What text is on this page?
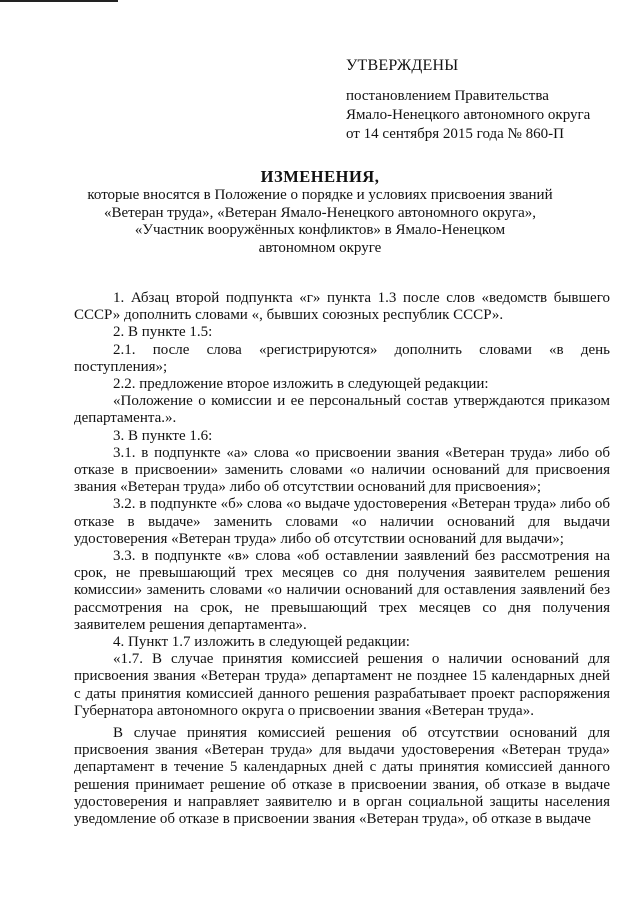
УТВЕРЖДЕНЫ
постановлением Правительства
Ямало-Ненецкого автономного округа
от 14 сентября 2015 года № 860-П
ИЗМЕНЕНИЯ,
которые вносятся в Положение о порядке и условиях присвоения званий
«Ветеран труда», «Ветеран Ямало-Ненецкого автономного округа»,
«Участник вооружённых конфликтов» в Ямало-Ненецком
автономном округе

1. Абзац второй подпункта «г» пункта 1.3 после слов «ведомств бывшего СССР» дополнить словами «, бывших союзных республик СССР».

2. В пункте 1.5:

2.1. после слова «регистрируются» дополнить словами «в день поступления»;

2.2. предложение второе изложить в следующей редакции:

«Положение о комиссии и ее персональный состав утверждаются приказом департамента.».

3. В пункте 1.6:

3.1. в подпункте «а» слова «о присвоении звания «Ветеран труда» либо об отказе в присвоении» заменить словами «о наличии оснований для присвоения звания «Ветеран труда» либо об отсутствии оснований для присвоения»;

3.2. в подпункте «б» слова «о выдаче удостоверения «Ветеран труда» либо об отказе в выдаче» заменить словами «о наличии оснований для выдачи удостоверения «Ветеран труда» либо об отсутствии оснований для выдачи»;

3.3. в подпункте «в» слова «об оставлении заявлений без рассмотрения на срок, не превышающий трех месяцев со дня получения заявителем решения комиссии» заменить словами «о наличии оснований для оставления заявлений без рассмотрения на срок, не превышающий трех месяцев со дня получения заявителем решения департамента».

4. Пункт 1.7 изложить в следующей редакции:

«1.7. В случае принятия комиссией решения о наличии оснований для присвоения звания «Ветеран труда» департамент не позднее 15 календарных дней с даты принятия комиссией данного решения разрабатывает проект распоряжения Губернатора автономного округа о присвоении звания «Ветеран труда».

В случае принятия комиссией решения об отсутствии оснований для присвоения звания «Ветеран труда» для выдачи удостоверения «Ветеран труда» департамент в течение 5 календарных дней с даты принятия комиссией данного решения принимает решение об отказе в присвоении звания, об отказе в выдаче удостоверения и направляет заявителю и в орган социальной защиты населения уведомление об отказе в присвоении звания «Ветеран труда», об отказе в выдаче
